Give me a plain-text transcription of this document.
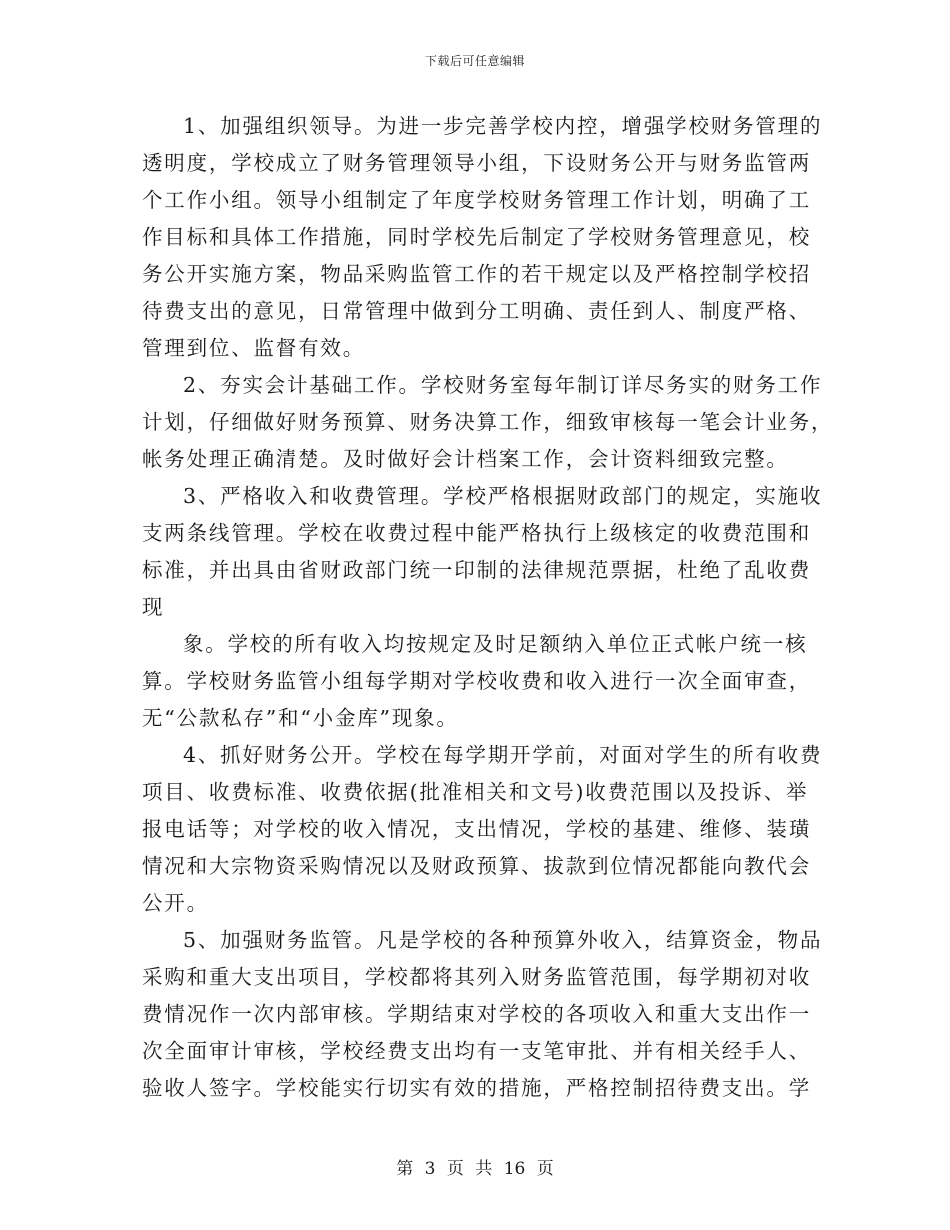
下载后可任意编辑
1、加强组织领导。为进一步完善学校内控，增强学校财务管理的
透明度，学校成立了财务管理领导小组，下设财务公开与财务监管两
个工作小组。领导小组制定了年度学校财务管理工作计划，明确了工
作目标和具体工作措施，同时学校先后制定了学校财务管理意见，校
务公开实施方案，物品采购监管工作的若干规定以及严格控制学校招
待费支出的意见，日常管理中做到分工明确、责任到人、制度严格、
管理到位、监督有效。
2、夯实会计基础工作。学校财务室每年制订详尽务实的财务工作
计划，仔细做好财务预算、财务决算工作，细致审核每一笔会计业务，
帐务处理正确清楚。及时做好会计档案工作，会计资料细致完整。
3、严格收入和收费管理。学校严格根据财政部门的规定，实施收
支两条线管理。学校在收费过程中能严格执行上级核定的收费范围和
标准，并出具由省财政部门统一印制的法律规范票据，杜绝了乱收费
现
象。学校的所有收入均按规定及时足额纳入单位正式帐户统一核
算。学校财务监管小组每学期对学校收费和收入进行一次全面审查，
无“公款私存”和“小金库”现象。
4、抓好财务公开。学校在每学期开学前，对面对学生的所有收费
项目、收费标准、收费依据(批准相关和文号)收费范围以及投诉、举
报电话等；对学校的收入情况，支出情况，学校的基建、维修、装璜
情况和大宗物资采购情况以及财政预算、拔款到位情况都能向教代会
公开。
5、加强财务监管。凡是学校的各种预算外收入，结算资金，物品
采购和重大支出项目，学校都将其列入财务监管范围，每学期初对收
费情况作一次内部审核。学期结束对学校的各项收入和重大支出作一
次全面审计审核，学校经费支出均有一支笔审批、并有相关经手人、
验收人签字。学校能实行切实有效的措施，严格控制招待费支出。学
第 3 页 共 16 页
